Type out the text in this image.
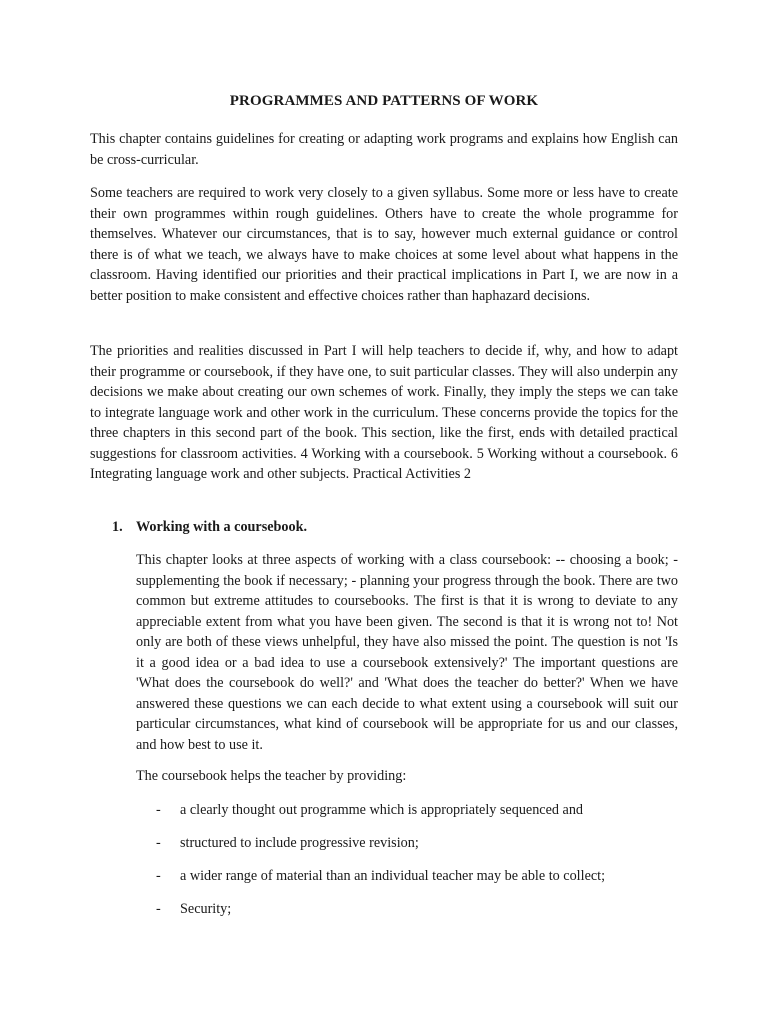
PROGRAMMES AND PATTERNS OF WORK

This chapter contains guidelines for creating or adapting work programs and explains how English can be cross-curricular.

Some teachers are required to work very closely to a given syllabus. Some more or less have to create their own programmes within rough guidelines. Others have to create the whole programme for themselves. Whatever our circumstances, that is to say, however much external guidance or control there is of what we teach, we always have to make choices at some level about what happens in the classroom. Having identified our priorities and their practical implications in Part I, we are now in a better position to make consistent and effective choices rather than haphazard decisions.

The priorities and realities discussed in Part I will help teachers to decide if, why, and how to adapt their programme or coursebook, if they have one, to suit particular classes. They will also underpin any decisions we make about creating our own schemes of work. Finally, they imply the steps we can take to integrate language work and other work in the curriculum. These concerns provide the topics for the three chapters in this second part of the book. This section, like the first, ends with detailed practical suggestions for classroom activities. 4 Working with a coursebook. 5 Working without a coursebook. 6 Integrating language work and other subjects. Practical Activities 2

1. Working with a coursebook.

This chapter looks at three aspects of working with a class coursebook: -- choosing a book; - supplementing the book if necessary; - planning your progress through the book. There are two common but extreme attitudes to coursebooks. The first is that it is wrong to deviate to any appreciable extent from what you have been given. The second is that it is wrong not to! Not only are both of these views unhelpful, they have also missed the point. The question is not 'Is it a good idea or a bad idea to use a coursebook extensively?' The important questions are 'What does the coursebook do well?' and 'What does the teacher do better?' When we have answered these questions we can each decide to what extent using a coursebook will suit our particular circumstances, what kind of coursebook will be appropriate for us and our classes, and how best to use it.

The coursebook helps the teacher by providing:

- a clearly thought out programme which is appropriately sequenced and
- structured to include progressive revision;
- a wider range of material than an individual teacher may be able to collect;
- Security;
